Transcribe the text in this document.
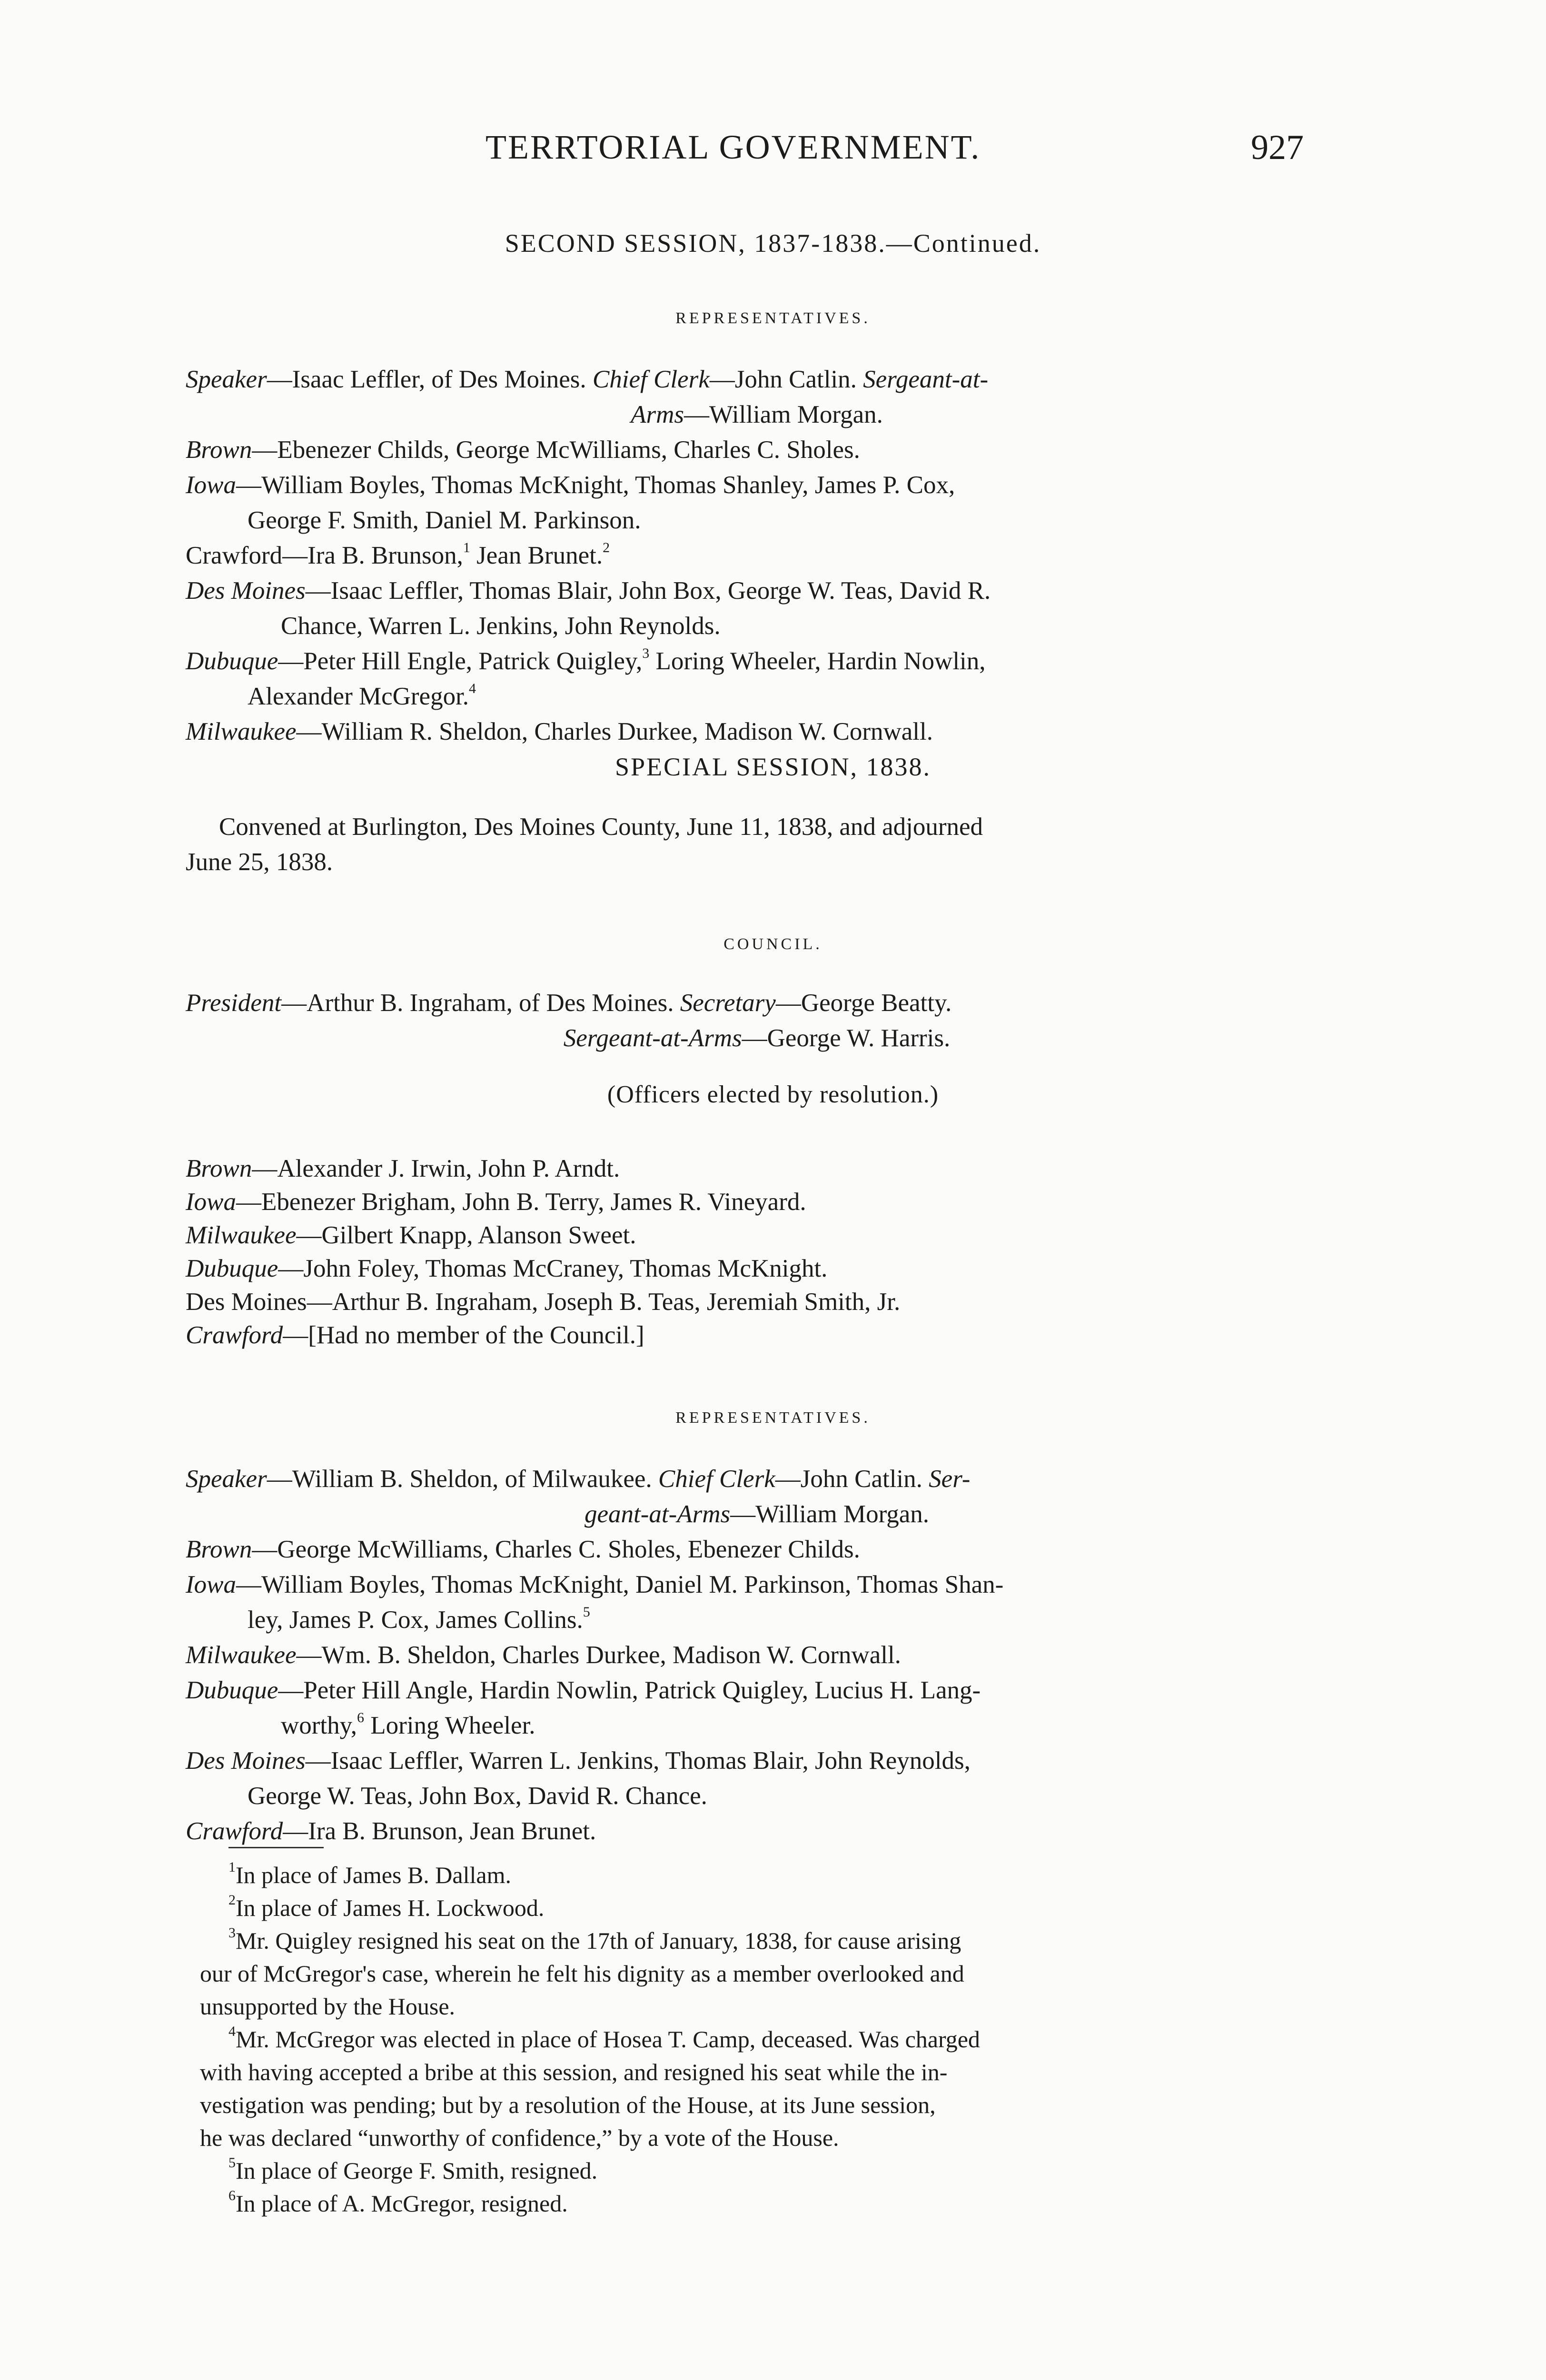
TERRTORIAL GOVERNMENT.	927
SECOND SESSION, 1837-1838.—Continued.
REPRESENTATIVES.
Speaker—Isaac Leffler, of Des Moines. Chief Clerk—John Catlin. Sergeant-at-
Arms—William Morgan.
Brown—Ebenezer Childs, George McWilliams, Charles C. Sholes.
Iowa—William Boyles, Thomas McKnight, Thomas Shanley, James P. Cox,
George F. Smith, Daniel M. Parkinson.
Crawford—Ira B. Brunson,$^1$ Jean Brunet.$^2$
Des Moines—Isaac Leffler, Thomas Blair, John Box, George W. Teas, David R.
Chance, Warren L. Jenkins, John Reynolds.
Dubuque—Peter Hill Engle, Patrick Quigley,$^3$ Loring Wheeler, Hardin Nowlin,
Alexander McGregor.$^4$
Milwaukee—William R. Sheldon, Charles Durkee, Madison W. Cornwall.
SPECIAL SESSION, 1838.
Convened at Burlington, Des Moines County, June 11, 1838, and adjourned
June 25, 1838.
COUNCIL.
President—Arthur B. Ingraham, of Des Moines. Secretary—George Beatty.
Sergeant-at-Arms—George W. Harris.
(Officers elected by resolution.)
Brown—Alexander J. Irwin, John P. Arndt.
Iowa—Ebenezer Brigham, John B. Terry, James R. Vineyard.
Milwaukee—Gilbert Knapp, Alanson Sweet.
Dubuque—John Foley, Thomas McCraney, Thomas McKnight.
Des Moines—Arthur B. Ingraham, Joseph B. Teas, Jeremiah Smith, Jr.
Crawford—[Had no member of the Council.]
REPRESENTATIVES.
Speaker—William B. Sheldon, of Milwaukee. Chief Clerk—John Catlin. Ser-
geant-at-Arms—William Morgan.
Brown—George McWilliams, Charles C. Sholes, Ebenezer Childs.
Iowa—William Boyles, Thomas McKnight, Daniel M. Parkinson, Thomas Shan-
ley, James P. Cox, James Collins.$^5$
Milwaukee—Wm. B. Sheldon, Charles Durkee, Madison W. Cornwall.
Dubuque—Peter Hill Angle, Hardin Nowlin, Patrick Quigley, Lucius H. Lang-
worthy,$^6$ Loring Wheeler.
Des Moines—Isaac Leffler, Warren L. Jenkins, Thomas Blair, John Reynolds,
George W. Teas, John Box, David R. Chance.
Crawford—Ira B. Brunson, Jean Brunet.
$^1$In place of James B. Dallam.
$^2$In place of James H. Lockwood.
$^3$Mr. Quigley resigned his seat on the 17th of January, 1838, for cause arising
our of McGregor's case, wherein he felt his dignity as a member overlooked and
unsupported by the House.
$^4$Mr. McGregor was elected in place of Hosea T. Camp, deceased. Was charged
with having accepted a bribe at this session, and resigned his seat while the in-
vestigation was pending; but by a resolution of the House, at its June session,
he was declared “unworthy of confidence,” by a vote of the House.
$^5$In place of George F. Smith, resigned.
$^6$In place of A. McGregor, resigned.
